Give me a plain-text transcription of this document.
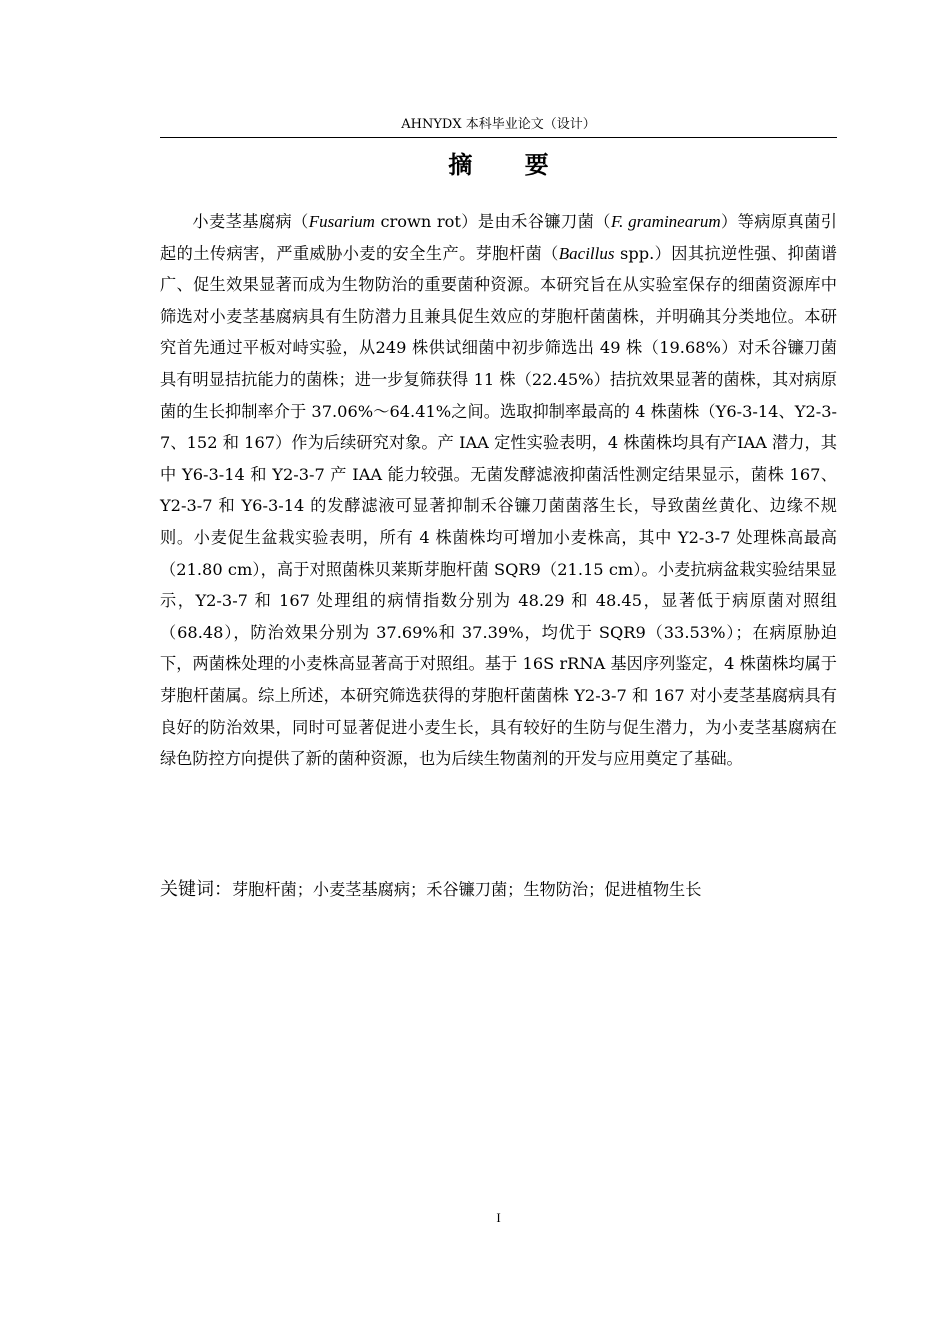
AHNYDX 本科毕业论文（设计）
摘 要
小麦茎基腐病（Fusarium crown rot）是由禾谷镰刀菌（F. graminearum）等病原真菌引起的土传病害，严重威胁小麦的安全生产。芽胞杆菌（Bacillus spp.）因其抗逆性强、抑菌谱广、促生效果显著而成为生物防治的重要菌种资源。本研究旨在从实验室保存的细菌资源库中筛选对小麦茎基腐病具有生防潜力且兼具促生效应的芽胞杆菌菌株，并明确其分类地位。本研究首先通过平板对峙实验，从249 株供试细菌中初步筛选出 49 株（19.68%）对禾谷镰刀菌具有明显拮抗能力的菌株；进一步复筛获得 11 株（22.45%）拮抗效果显著的菌株，其对病原菌的生长抑制率介于 37.06%～64.41%之间。选取抑制率最高的 4 株菌株（Y6-3-14、Y2-3-7、152 和 167）作为后续研究对象。产 IAA 定性实验表明，4 株菌株均具有产IAA 潜力，其中 Y6-3-14 和 Y2-3-7 产 IAA 能力较强。无菌发酵滤液抑菌活性测定结果显示，菌株 167、Y2-3-7 和 Y6-3-14 的发酵滤液可显著抑制禾谷镰刀菌菌落生长，导致菌丝黄化、边缘不规则。小麦促生盆栽实验表明，所有 4 株菌株均可增加小麦株高，其中 Y2-3-7 处理株高最高（21.80 cm），高于对照菌株贝莱斯芽胞杆菌 SQR9（21.15 cm）。小麦抗病盆栽实验结果显示，Y2-3-7 和 167 处理组的病情指数分别为 48.29 和 48.45，显著低于病原菌对照组（68.48），防治效果分别为 37.69%和 37.39%，均优于 SQR9（33.53%）；在病原胁迫下，两菌株处理的小麦株高显著高于对照组。基于 16S rRNA 基因序列鉴定，4 株菌株均属于芽胞杆菌属。综上所述，本研究筛选获得的芽胞杆菌菌株 Y2-3-7 和 167 对小麦茎基腐病具有良好的防治效果，同时可显著促进小麦生长，具有较好的生防与促生潜力，为小麦茎基腐病在绿色防控方向提供了新的菌种资源，也为后续生物菌剂的开发与应用奠定了基础。
关键词：芽胞杆菌；小麦茎基腐病；禾谷镰刀菌；生物防治；促进植物生长
I
